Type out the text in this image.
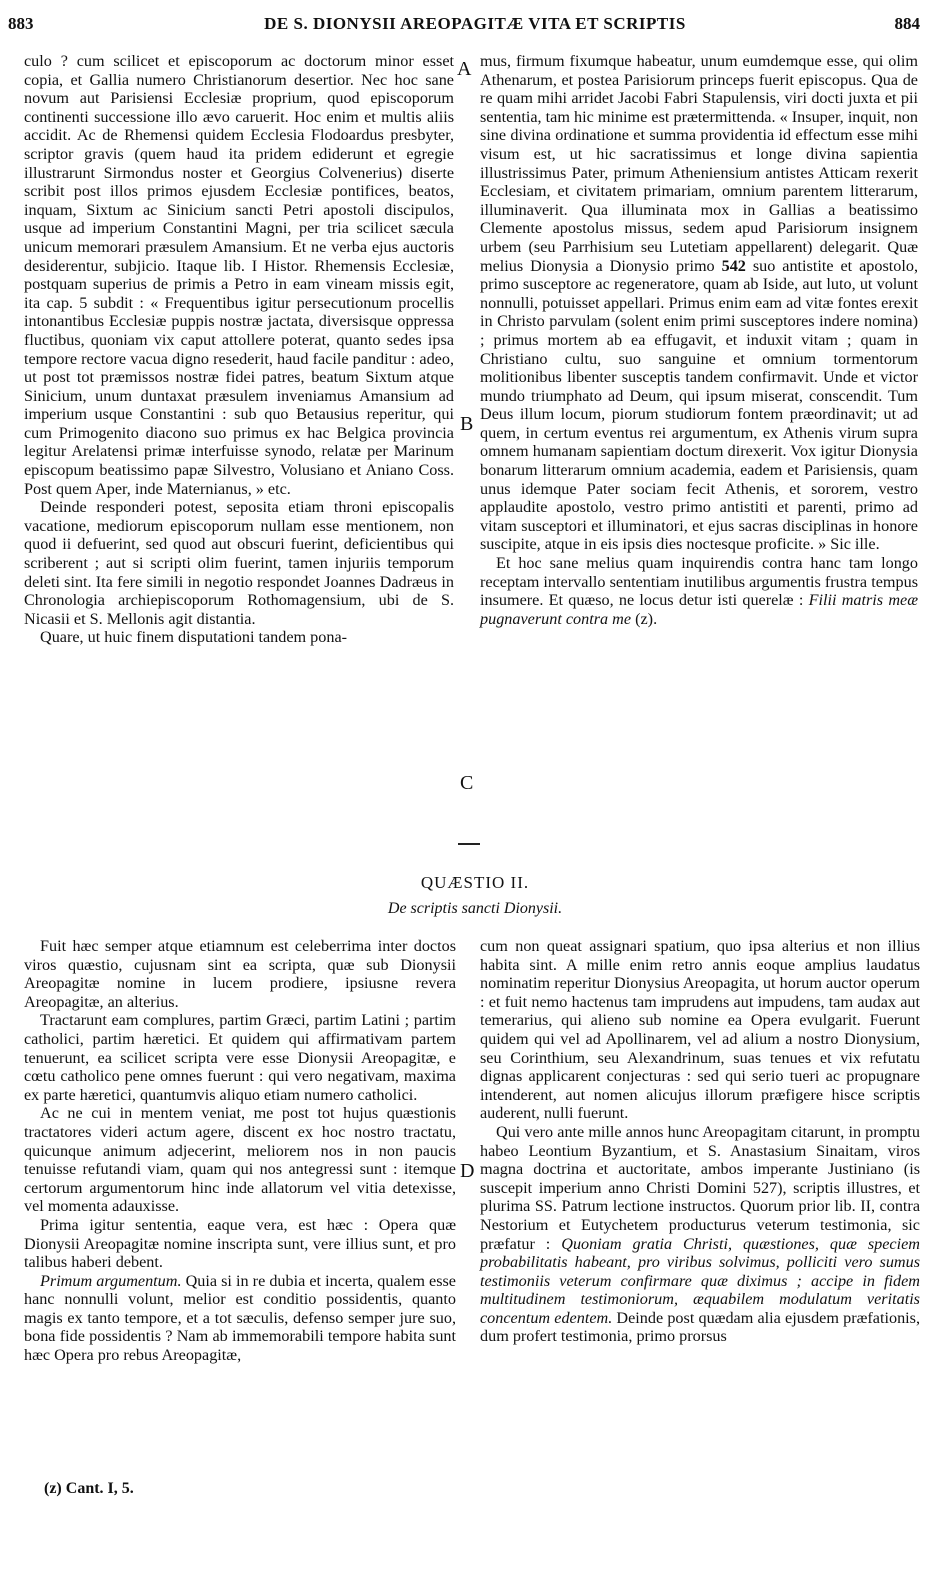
DE S. DIONYSII AREOPAGITÆ VITA ET SCRIPTIS
883	884

culo ? cum scilicet et episcoporum ac doctorum minor esset copia, et Gallia numero Christianorum desertior. Nec hoc sane novum aut Parisiensi Ecclesiæ proprium, quod episcoporum continenti successione illo ævo caruerit. Hoc enim et multis aliis accidit. Ac de Rhemensi quidem Ecclesia Flodoardus presbyter, scriptor gravis (quem haud ita pridem ediderunt et egregie illustrarunt Sirmondus noster et Georgius Colvenerius) diserte scribit post illos primos ejusdem Ecclesiæ pontifices, beatos, inquam, Sixtum ac Sinicium sancti Petri apostoli discipulos, usque ad imperium Constantini Magni, per tria scilicet sæcula unicum memorari præsulem Amansium. Et ne verba ejus auctoris desiderentur, subjicio. Itaque lib. I Histor. Rhemensis Ecclesiæ, postquam superius de primis a Petro in eam vineam missis egit, ita cap. 5 subdit : « Frequentibus igitur persecutionum procellis intonantibus Ecclesiæ puppis nostræ jactata, diversisque oppressa fluctibus, quoniam vix caput attollere poterat, quanto sedes ipsa tempore rectore vacua digno resederit, haud facile panditur : adeo, ut post tot præmissos nostræ fidei patres, beatum Sixtum atque Sinicium, unum duntaxat præsulem inveniamus Amansium ad imperium usque Constantini : sub quo Betausius reperitur, qui cum Primogenito diacono suo primus ex hac Belgica provincia legitur Arelatensi primæ interfuisse synodo, relatæ per Marinum episcopum beatissimo papæ Silvestro, Volusiano et Aniano Coss. Post quem Aper, inde Maternianus, » etc.

Deinde responderi potest, seposita etiam throni episcopalis vacatione, mediorum episcoporum nullam esse mentionem, non quod ii defuerint, sed quod aut obscuri fuerint, deficientibus qui scriberent ; aut si scripti olim fuerint, tamen injuriis temporum deleti sint. Ita fere simili in negotio respondet Joannes Dadræus in Chronologia archiepiscoporum Rothomagensium, ubi de S. Nicasii et S. Mellonis agit distantia.

Quare, ut huic finem disputationi tandem pona-

mus, firmum fixumque habeatur, unum eumdemque esse, qui olim Athenarum, et postea Parisiorum princeps fuerit episcopus. Qua de re quam mihi arridet Jacobi Fabri Stapulensis, viri docti juxta et pii sententia, tam hic minime est prætermittenda. « Insuper, inquit, non sine divina ordinatione et summa providentia id effectum esse mihi visum est, ut hic sacratissimus et longe divina sapientia illustrissimus Pater, primum Atheniensium antistes Atticam rexerit Ecclesiam, et civitatem primariam, omnium parentem litterarum, illuminaverit. Qua illuminata mox in Gallias a beatissimo Clemente apostolus missus, sedem apud Parisiorum insignem urbem (seu Parrhisium seu Lutetiam appellarent) delegarit. Quæ melius Dionysia a Dionysio primo 542 suo antistite et apostolo, primo susceptore ac regeneratore, quam ab Iside, aut luto, ut volunt nonnulli, potuisset appellari. Primus enim eam ad vitæ fontes erexit in Christo parvulam (solent enim primi susceptores indere nomina) ; primus mortem ab ea effugavit, et induxit vitam ; quam in Christiano cultu, suo sanguine et omnium tormentorum molitionibus libenter susceptis tandem confirmavit. Unde et victor mundo triumphato ad Deum, qui ipsum miserat, conscendit. Tum Deus illum locum, piorum studiorum fontem præordinavit; ut ad quem, in certum eventus rei argumentum, ex Athenis virum supra omnem humanam sapientiam doctum direxerit. Vox igitur Dionysia bonarum litterarum omnium academia, eadem et Parisiensis, quam unus idemque Pater sociam fecit Athenis, et sororem, vestro applaudite apostolo, vestro primo antistiti et parenti, primo ad vitam susceptori et illuminatori, et ejus sacras disciplinas in honore suscipite, atque in eis ipsis dies noctesque proficite. » Sic ille.

Et hoc sane melius quam inquirendis contra hanc tam longo receptam intervallo sententiam inutilibus argumentis frustra tempus insumere. Et quæso, ne locus detur isti querelæ : Filii matris meæ pugnaverunt contra me (z).

A
B
C
D
QUÆSTIO II.
De scriptis sancti Dionysii.

Fuit hæc semper atque etiamnum est celeberrima inter doctos viros quæstio, cujusnam sint ea scripta, quæ sub Dionysii Areopagitæ nomine in lucem prodiere, ipsiusne revera Areopagitæ, an alterius.

Tractarunt eam complures, partim Græci, partim Latini ; partim catholici, partim hæretici. Et quidem qui affirmativam partem tenuerunt, ea scilicet scripta vere esse Dionysii Areopagitæ, e cœtu catholico pene omnes fuerunt : qui vero negativam, maxima ex parte hæretici, quantumvis aliquo etiam numero catholici.

Ac ne cui in mentem veniat, me post tot hujus quæstionis tractatores videri actum agere, discent ex hoc nostro tractatu, quicunque animum adjecerint, meliorem nos in non paucis tenuisse refutandi viam, quam qui nos antegressi sunt : itemque certorum argumentorum hinc inde allatorum vel vitia detexisse, vel momenta adauxisse.

Prima igitur sententia, eaque vera, est hæc : Opera quæ Dionysii Areopagitæ nomine inscripta sunt, vere illius sunt, et pro talibus haberi debent.

Primum argumentum. Quia si in re dubia et incerta, qualem esse hanc nonnulli volunt, melior est conditio possidentis, quanto magis ex tanto tempore, et a tot sæculis, defenso semper jure suo, bona fide possidentis ? Nam ab immemorabili tempore habita sunt hæc Opera pro rebus Areopagitæ,

cum non queat assignari spatium, quo ipsa alterius et non illius habita sint. A mille enim retro annis eoque amplius laudatus nominatim reperitur Dionysius Areopagita, ut horum auctor operum : et fuit nemo hactenus tam imprudens aut impudens, tam audax aut temerarius, qui alieno sub nomine ea Opera evulgarit. Fuerunt quidem qui vel ad Apollinarem, vel ad alium a nostro Dionysium, seu Corinthium, seu Alexandrinum, suas tenues et vix refutatu dignas applicarent conjecturas : sed qui serio tueri ac propugnare intenderent, aut nomen alicujus illorum præfigere hisce scriptis auderent, nulli fuerunt.

Qui vero ante mille annos hunc Areopagitam citarunt, in promptu habeo Leontium Byzantium, et S. Anastasium Sinaitam, viros magna doctrina et auctoritate, ambos imperante Justiniano (is suscepit imperium anno Christi Domini 527), scriptis illustres, et plurima SS. Patrum lectione instructos. Quorum prior lib. II, contra Nestorium et Eutychetem producturus veterum testimonia, sic præfatur : Quoniam gratia Christi, quæstiones, quæ speciem probabilitatis habeant, pro viribus solvimus, polliciti vero sumus testimoniis veterum confirmare quæ diximus ; accipe in fidem multitudinem testimoniorum, æquabilem modulatum veritatis concentum edentem. Deinde post quædam alia ejusdem præfationis, dum profert testimonia, primo prorsus

(z) Cant. I, 5.
